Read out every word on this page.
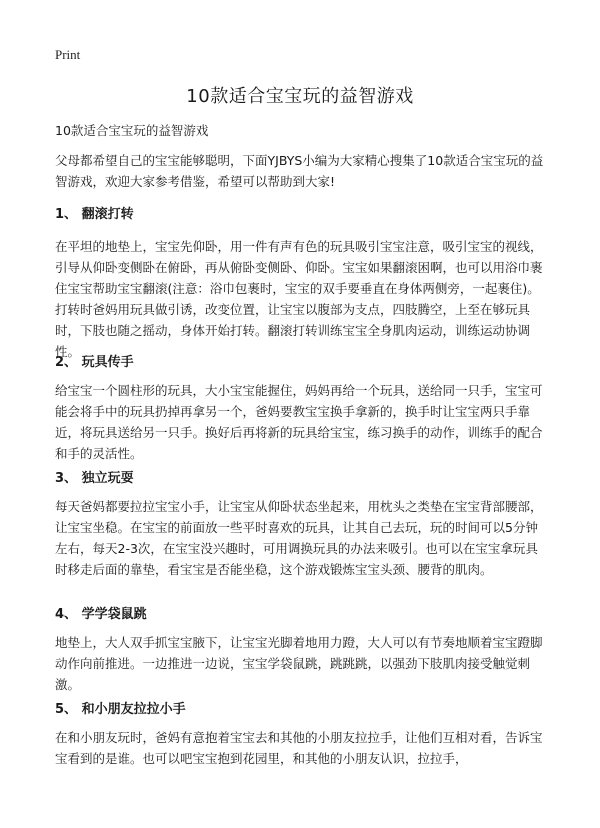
Print
10款适合宝宝玩的益智游戏

10款适合宝宝玩的益智游戏

父母都希望自己的宝宝能够聪明，下面YJBYS小编为大家精心搜集了10款适合宝宝玩的益智游戏，欢迎大家参考借鉴，希望可以帮助到大家!

1、 翻滚打转

在平坦的地垫上，宝宝先仰卧，用一件有声有色的玩具吸引宝宝注意，吸引宝宝的视线，引导从仰卧变侧卧在俯卧，再从俯卧变侧卧、仰卧。宝宝如果翻滚困啊，也可以用浴巾裹住宝宝帮助宝宝翻滚(注意：浴巾包裹时，宝宝的双手要垂直在身体两侧旁，一起裹住)。打转时爸妈用玩具做引诱，改变位置，让宝宝以腹部为支点，四肢腾空，上至在够玩具时，下肢也随之摇动，身体开始打转。翻滚打转训练宝宝全身肌肉运动，训练运动协调性。

2、 玩具传手

给宝宝一个圆柱形的玩具，大小宝宝能握住，妈妈再给一个玩具，送给同一只手，宝宝可能会将手中的玩具扔掉再拿另一个，爸妈要教宝宝换手拿新的，换手时让宝宝两只手靠近，将玩具送给另一只手。换好后再将新的玩具给宝宝，练习换手的动作，训练手的配合和手的灵活性。

3、 独立玩耍

每天爸妈都要拉拉宝宝小手，让宝宝从仰卧状态坐起来，用枕头之类垫在宝宝背部腰部，让宝宝坐稳。在宝宝的前面放一些平时喜欢的玩具，让其自己去玩，玩的时间可以5分钟左右，每天2-3次，在宝宝没兴趣时，可用调换玩具的办法来吸引。也可以在宝宝拿玩具时移走后面的靠垫，看宝宝是否能坐稳，这个游戏锻炼宝宝头颈、腰背的肌肉。

4、 学学袋鼠跳

地垫上，大人双手抓宝宝腋下，让宝宝光脚着地用力蹬，大人可以有节奏地顺着宝宝蹬脚动作向前推进。一边推进一边说，宝宝学袋鼠跳，跳跳跳，以强劲下肢肌肉接受触觉刺激。

5、 和小朋友拉拉小手

在和小朋友玩时，爸妈有意抱着宝宝去和其他的小朋友拉拉手，让他们互相对看，告诉宝宝看到的是谁。也可以吧宝宝抱到花园里，和其他的小朋友认识，拉拉手，
